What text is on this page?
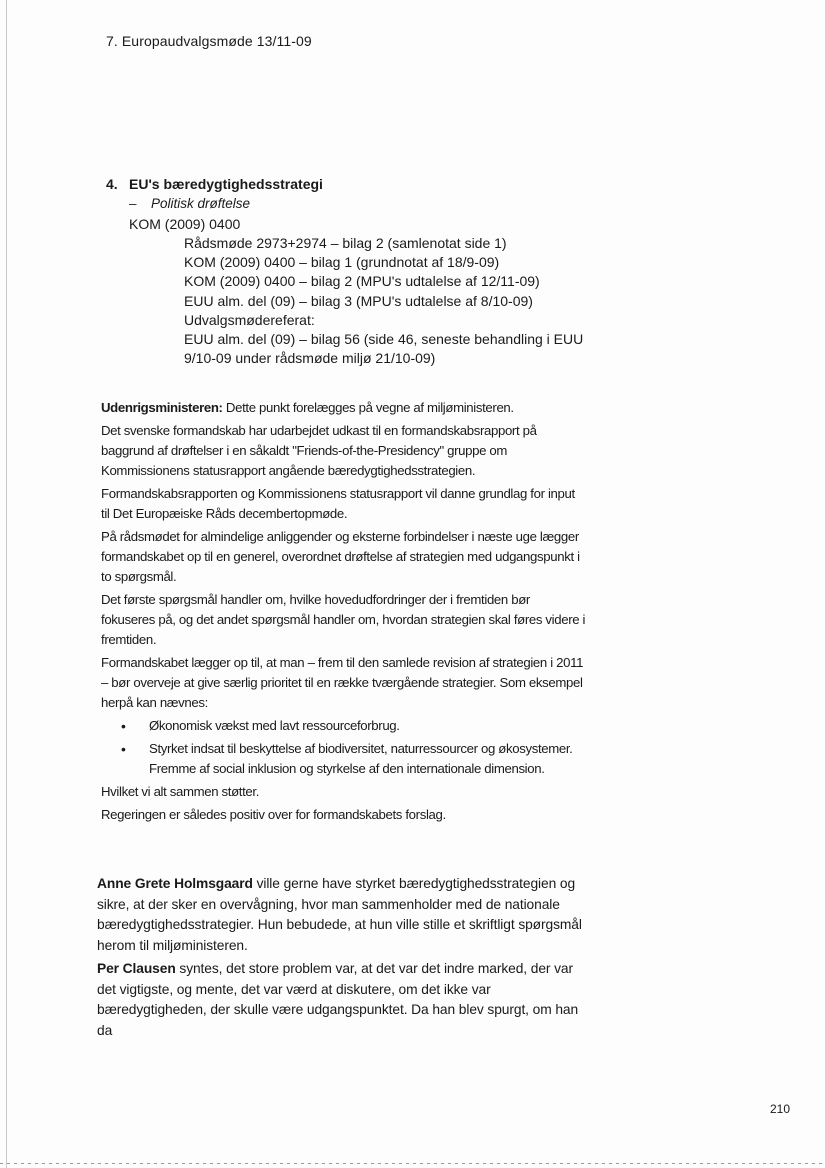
7. Europaudvalgsmøde 13/11-09
4. EU's bæredygtighedsstrategi
– Politisk drøftelse
KOM (2009) 0400
Rådsmøde 2973+2974 – bilag 2 (samlenotat side 1)
KOM (2009) 0400 – bilag 1 (grundnotat af 18/9-09)
KOM (2009) 0400 – bilag 2 (MPU's udtalelse af 12/11-09)
EUU alm. del (09) – bilag 3 (MPU's udtalelse af 8/10-09)
Udvalgsmødereferat:
EUU alm. del (09) – bilag 56 (side 46, seneste behandling i EUU
9/10-09 under rådsmøde miljø 21/10-09)

Udenrigsministeren: Dette punkt forelægges på vegne af miljøministeren.

Det svenske formandskab har udarbejdet udkast til en formandskabsrapport på baggrund af drøftelser i en såkaldt "Friends-of-the-Presidency" gruppe om Kommissionens statusrapport angående bæredygtighedsstrategien.

Formandskabsrapporten og Kommissionens statusrapport vil danne grundlag for input til Det Europæiske Råds decembertopmøde.

På rådsmødet for almindelige anliggender og eksterne forbindelser i næste uge lægger formandskabet op til en generel, overordnet drøftelse af strategien med udgangspunkt i to spørgsmål.

Det første spørgsmål handler om, hvilke hovedudfordringer der i fremtiden bør fokuseres på, og det andet spørgsmål handler om, hvordan strategien skal føres videre i fremtiden.

Formandskabet lægger op til, at man – frem til den samlede revision af strategien i 2011 – bør overveje at give særlig prioritet til en række tværgående strategier. Som eksempel herpå kan nævnes:

• Økonomisk vækst med lavt ressourceforbrug.
• Styrket indsat til beskyttelse af biodiversitet, naturressourcer og økosystemer. Fremme af social inklusion og styrkelse af den internationale dimension.

Hvilket vi alt sammen støtter.

Regeringen er således positiv over for formandskabets forslag.

Anne Grete Holmsgaard ville gerne have styrket bæredygtighedsstrategien og sikre, at der sker en overvågning, hvor man sammenholder med de nationale bæredygtighedsstrategier. Hun bebudede, at hun ville stille et skriftligt spørgsmål herom til miljøministeren.

Per Clausen syntes, det store problem var, at det var det indre marked, der var det vigtigste, og mente, det var værd at diskutere, om det ikke var bæredygtigheden, der skulle være udgangspunktet. Da han blev spurgt, om han da

210
